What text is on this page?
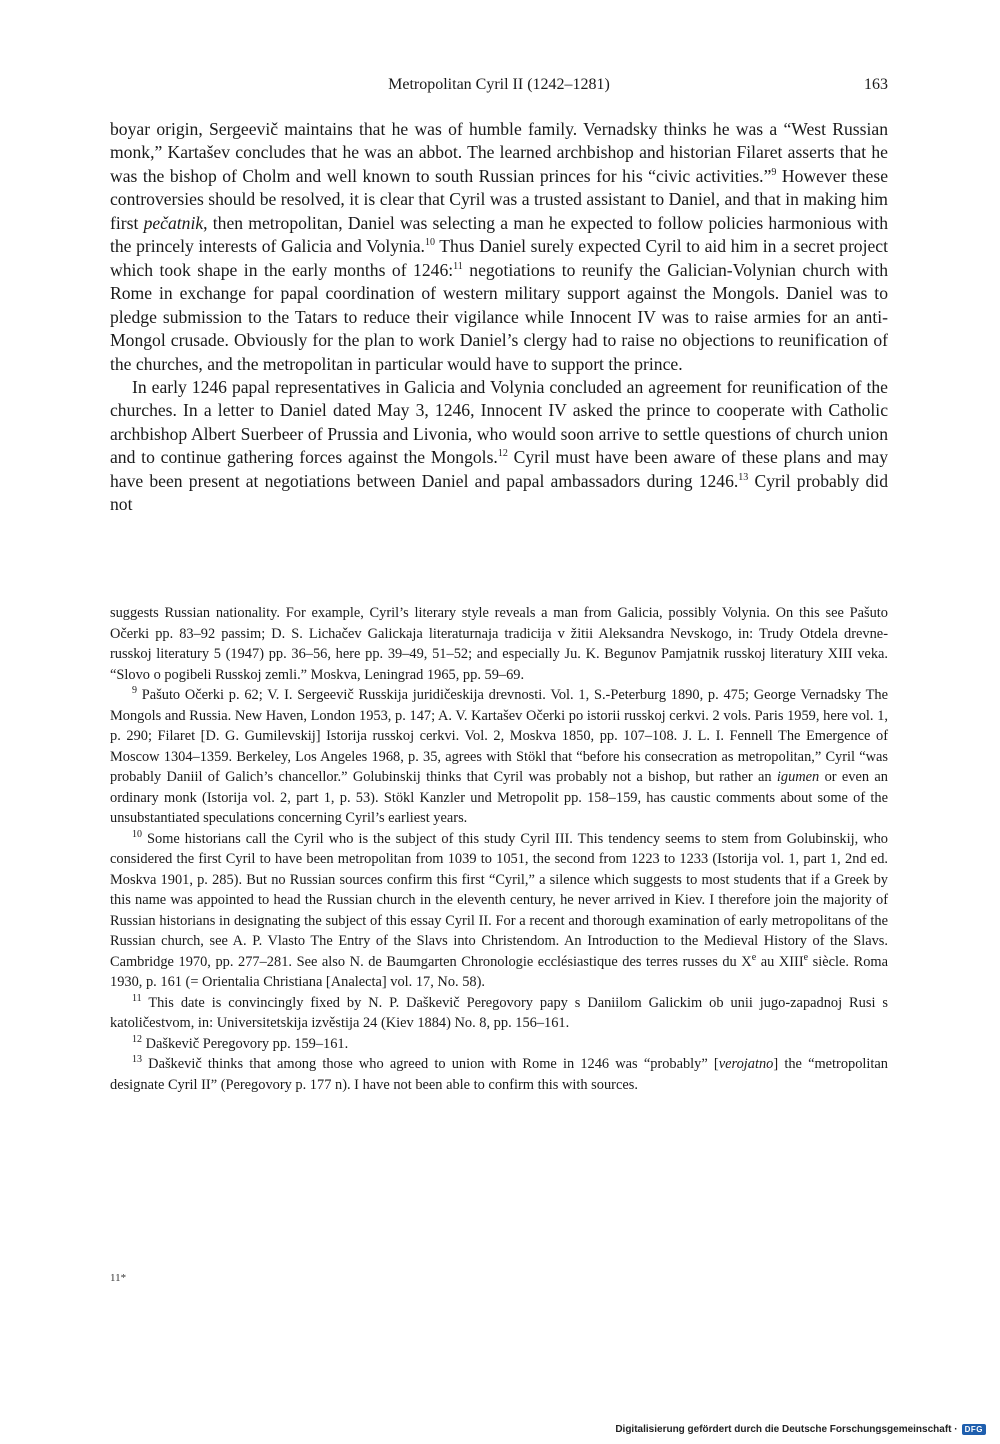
Metropolitan Cyril II (1242–1281)	163

boyar origin, Sergeevič maintains that he was of humble family. Vernadsky thinks he was a “West Russian monk,” Kartašev concludes that he was an abbot. The learned archbishop and historian Filaret asserts that he was the bishop of Cholm and well known to south Russian princes for his “civic activities.”$^9$ However these controversies should be resolved, it is clear that Cyril was a trusted assistant to Daniel, and that in making him first pečatnik, then metropolitan, Daniel was selecting a man he expected to follow policies harmonious with the princely interests of Galicia and Volynia.$^{10}$ Thus Daniel surely expected Cyril to aid him in a secret project which took shape in the early months of 1246:$^{11}$ negotiations to reunify the Galician-Volynian church with Rome in exchange for papal coordination of western military support against the Mongols. Daniel was to pledge submission to the Tatars to reduce their vigilance while Innocent IV was to raise armies for an anti-Mongol crusade. Obviously for the plan to work Daniel’s clergy had to raise no objections to reunification of the churches, and the metropolitan in particular would have to support the prince.

In early 1246 papal representatives in Galicia and Volynia concluded an agreement for reunification of the churches. In a letter to Daniel dated May 3, 1246, Innocent IV asked the prince to cooperate with Catholic archbishop Albert Suerbeer of Prussia and Livonia, who would soon arrive to settle questions of church union and to continue gathering forces against the Mongols.$^{12}$ Cyril must have been aware of these plans and may have been present at negotiations between Daniel and papal ambassadors during 1246.13 Cyril probably did not

suggests Russian nationality. For example, Cyril’s literary style reveals a man from Galicia, possibly Volynia. On this see Pašuto Očerki pp. 83–92 passim; D. S. Lichačev Galickaja literaturnaja tradicija v žitii Aleksandra Nevskogo, in: Trudy Otdela drevne-russkoj literatury 5 (1947) pp. 36–56, here pp. 39–49, 51–52; and especially Ju. K. Begunov Pamjatnik russkoj literatury XIII veka. “Slovo o pogibeli Russkoj zemli.” Moskva, Leningrad 1965, pp. 59–69.

$^9$ Pašuto Očerki p. 62; V. I. Sergeevič Russkija juridičeskija drevnosti. Vol. 1, S.-Peterburg 1890, p. 475; George Vernadsky The Mongols and Russia. New Haven, London 1953, p. 147; A. V. Kartašev Očerki po istorii russkoj cerkvi. 2 vols. Paris 1959, here vol. 1, p. 290; Filaret [D. G. Gumilevskij] Istorija russkoj cerkvi. Vol. 2, Moskva 1850, pp. 107–108. J. L. I. Fennell The Emergence of Moscow 1304–1359. Berkeley, Los Angeles 1968, p. 35, agrees with Stökl that “before his consecration as metropolitan,” Cyril “was probably Daniil of Galich’s chancellor.” Golubinskij thinks that Cyril was probably not a bishop, but rather an igumen or even an ordinary monk (Istorija vol. 2, part 1, p. 53). Stökl Kanzler und Metropolit pp. 158–159, has caustic comments about some of the unsubstantiated speculations concerning Cyril’s earliest years.

$^{10}$ Some historians call the Cyril who is the subject of this study Cyril III. This tendency seems to stem from Golubinskij, who considered the first Cyril to have been metropolitan from 1039 to 1051, the second from 1223 to 1233 (Istorija vol. 1, part 1, 2nd ed. Moskva 1901, p. 285). But no Russian sources confirm this first “Cyril,” a silence which suggests to most students that if a Greek by this name was appointed to head the Russian church in the eleventh century, he never arrived in Kiev. I therefore join the majority of Russian historians in designating the subject of this essay Cyril II. For a recent and thorough examination of early metropolitans of the Russian church, see A. P. Vlasto The Entry of the Slavs into Christendom. An Introduction to the Medieval History of the Slavs. Cambridge 1970, pp. 277–281. See also N. de Baumgarten Chronologie ecclésiastique des terres russes du Xe au XIIIe siècle. Roma 1930, p. 161 (= Orientalia Christiana [Analecta] vol. 17, No. 58).

$^{11}$ This date is convincingly fixed by N. P. Daškevič Peregovory papy s Daniilom Galickim ob unii jugo-zapadnoj Rusi s katoličestvom, in: Universitetskija izvěstija 24 (Kiev 1884) No. 8, pp. 156–161.

$^{12}$ Daškevič Peregovory pp. 159–161.

$^{13}$ Daškevič thinks that among those who agreed to union with Rome in 1246 was “probably” [verojatno] the “metropolitan designate Cyril II” (Peregovory p. 177 n). I have not been able to confirm this with sources.

11*
Digitalisierung gefördert durch die Deutsche Forschungsgemeinschaft · DFG
